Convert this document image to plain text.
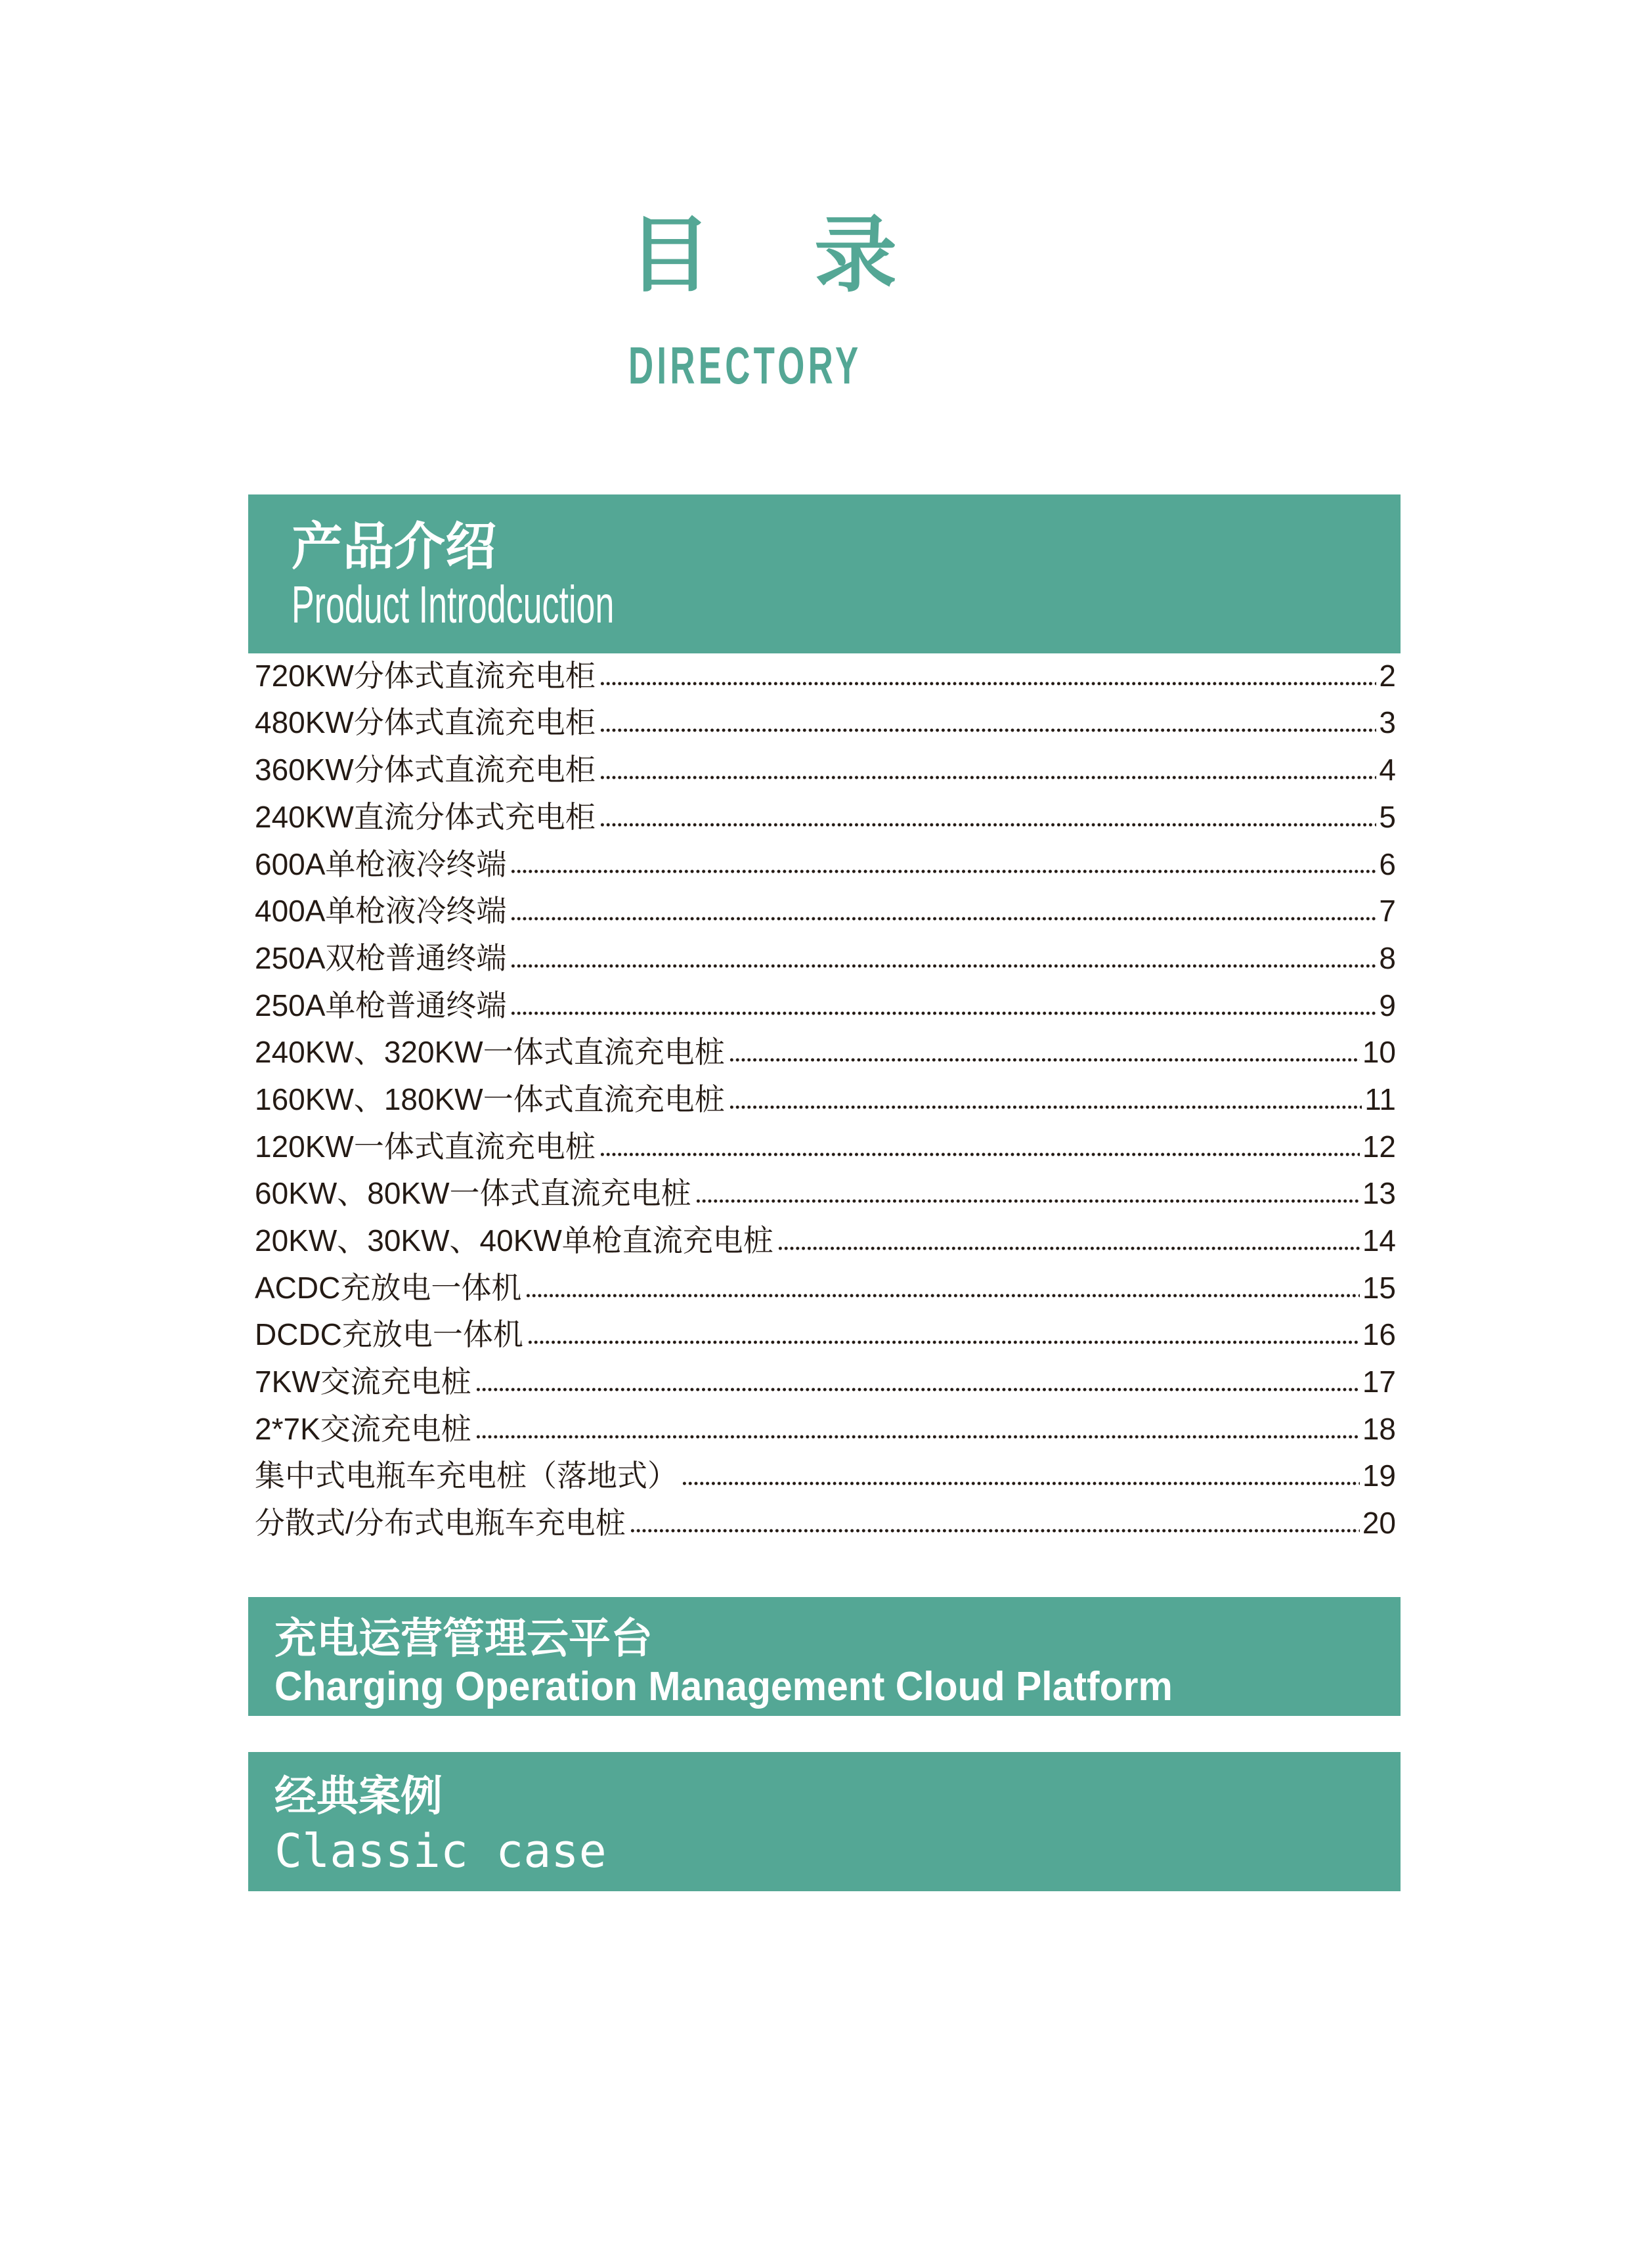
目 录
DIRECTORY
产品介绍
Product Introdcuction
720KW分体式直流充电柜	2
480KW分体式直流充电柜	3
360KW分体式直流充电柜	4
240KW直流分体式充电柜	5
600A单枪液冷终端	6
400A单枪液冷终端	7
250A双枪普通终端	8
250A单枪普通终端	9
240KW、320KW一体式直流充电桩	10
160KW、180KW一体式直流充电桩	11
120KW一体式直流充电桩	12
60KW、80KW一体式直流充电桩	13
20KW、30KW、40KW单枪直流充电桩	14
ACDC充放电一体机	15
DCDC充放电一体机	16
7KW交流充电桩	17
2*7K交流充电桩	18
集中式电瓶车充电桩（落地式）	19
分散式/分布式电瓶车充电桩	20
充电运营管理云平台
Charging Operation Management Cloud Platform
经典案例
Classic case
